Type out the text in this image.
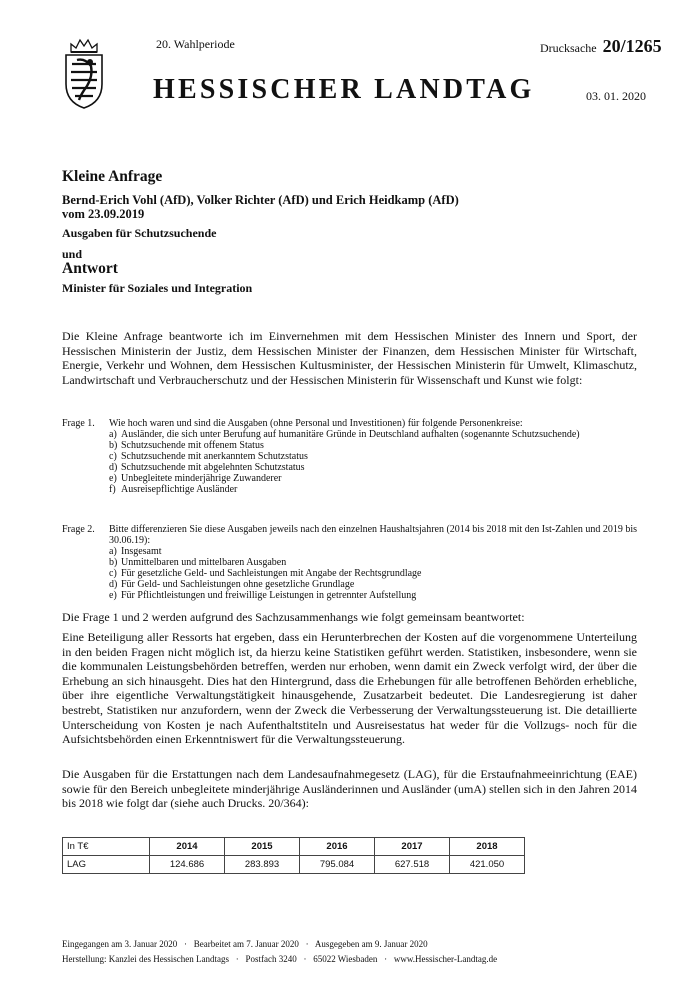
20. Wahlperiode	Drucksache 20/1265
HESSISCHER LANDTAG	03. 01. 2020
Kleine Anfrage
Bernd-Erich Vohl (AfD), Volker Richter (AfD) und Erich Heidkamp (AfD)
vom 23.09.2019
Ausgaben für Schutzsuchende
und
Antwort
Minister für Soziales und Integration
Die Kleine Anfrage beantworte ich im Einvernehmen mit dem Hessischen Minister des Innern und Sport, der Hessischen Ministerin der Justiz, dem Hessischen Minister der Finanzen, dem Hessischen Minister für Wirtschaft, Energie, Verkehr und Wohnen, dem Hessischen Kultusminister, der Hessischen Ministerin für Umwelt, Klimaschutz, Landwirtschaft und Verbraucherschutz und der Hessischen Ministerin für Wissenschaft und Kunst wie folgt:
Frage 1. Wie hoch waren und sind die Ausgaben (ohne Personal und Investitionen) für folgende Personenkreise:
a) Ausländer, die sich unter Berufung auf humanitäre Gründe in Deutschland aufhalten (sogenannte Schutzsuchende)
b) Schutzsuchende mit offenem Status
c) Schutzsuchende mit anerkanntem Schutzstatus
d) Schutzsuchende mit abgelehnten Schutzstatus
e) Unbegleitete minderjährige Zuwanderer
f) Ausreisepflichtige Ausländer
Frage 2. Bitte differenzieren Sie diese Ausgaben jeweils nach den einzelnen Haushaltsjahren (2014 bis 2018 mit den Ist-Zahlen und 2019 bis 30.06.19):
a) Insgesamt
b) Unmittelbaren und mittelbaren Ausgaben
c) Für gesetzliche Geld- und Sachleistungen mit Angabe der Rechtsgrundlage
d) Für Geld- und Sachleistungen ohne gesetzliche Grundlage
e) Für Pflichtleistungen und freiwillige Leistungen in getrennter Aufstellung
Die Frage 1 und 2 werden aufgrund des Sachzusammenhangs wie folgt gemeinsam beantwortet:
Eine Beteiligung aller Ressorts hat ergeben, dass ein Herunterbrechen der Kosten auf die vorgenommene Unterteilung in den beiden Fragen nicht möglich ist, da hierzu keine Statistiken geführt werden. Statistiken, insbesondere, wenn sie die kommunalen Leistungsbehörden betreffen, werden nur erhoben, wenn damit ein Zweck verfolgt wird, der über die Erhebung an sich hinausgeht. Dies hat den Hintergrund, dass die Erhebungen für alle betroffenen Behörden erhebliche, über ihre eigentliche Verwaltungstätigkeit hinausgehende, Zusatzarbeit bedeutet. Die Landesregierung ist daher bestrebt, Statistiken nur anzufordern, wenn der Zweck die Verbesserung der Verwaltungssteuerung ist. Die detaillierte Unterscheidung von Kosten je nach Aufenthaltstiteln und Ausreisestatus hat weder für die Vollzugs- noch für die Aufsichtsbehörden einen Erkenntniswert für die Verwaltungssteuerung.
Die Ausgaben für die Erstattungen nach dem Landesaufnahmegesetz (LAG), für die Erstaufnahmeeinrichtung (EAE) sowie für den Bereich unbegleitete minderjährige Ausländerinnen und Ausländer (umA) stellen sich in den Jahren 2014 bis 2018 wie folgt dar (siehe auch Drucks. 20/364):
In T€	2014	2015	2016	2017	2018
LAG	124.686	283.893	795.084	627.518	421.050
Eingegangen am 3. Januar 2020   ·   Bearbeitet am 7. Januar 2020   ·   Ausgegeben am 9. Januar 2020
Herstellung: Kanzlei des Hessischen Landtags   ·   Postfach 3240   ·   65022 Wiesbaden   ·   www.Hessischer-Landtag.de
